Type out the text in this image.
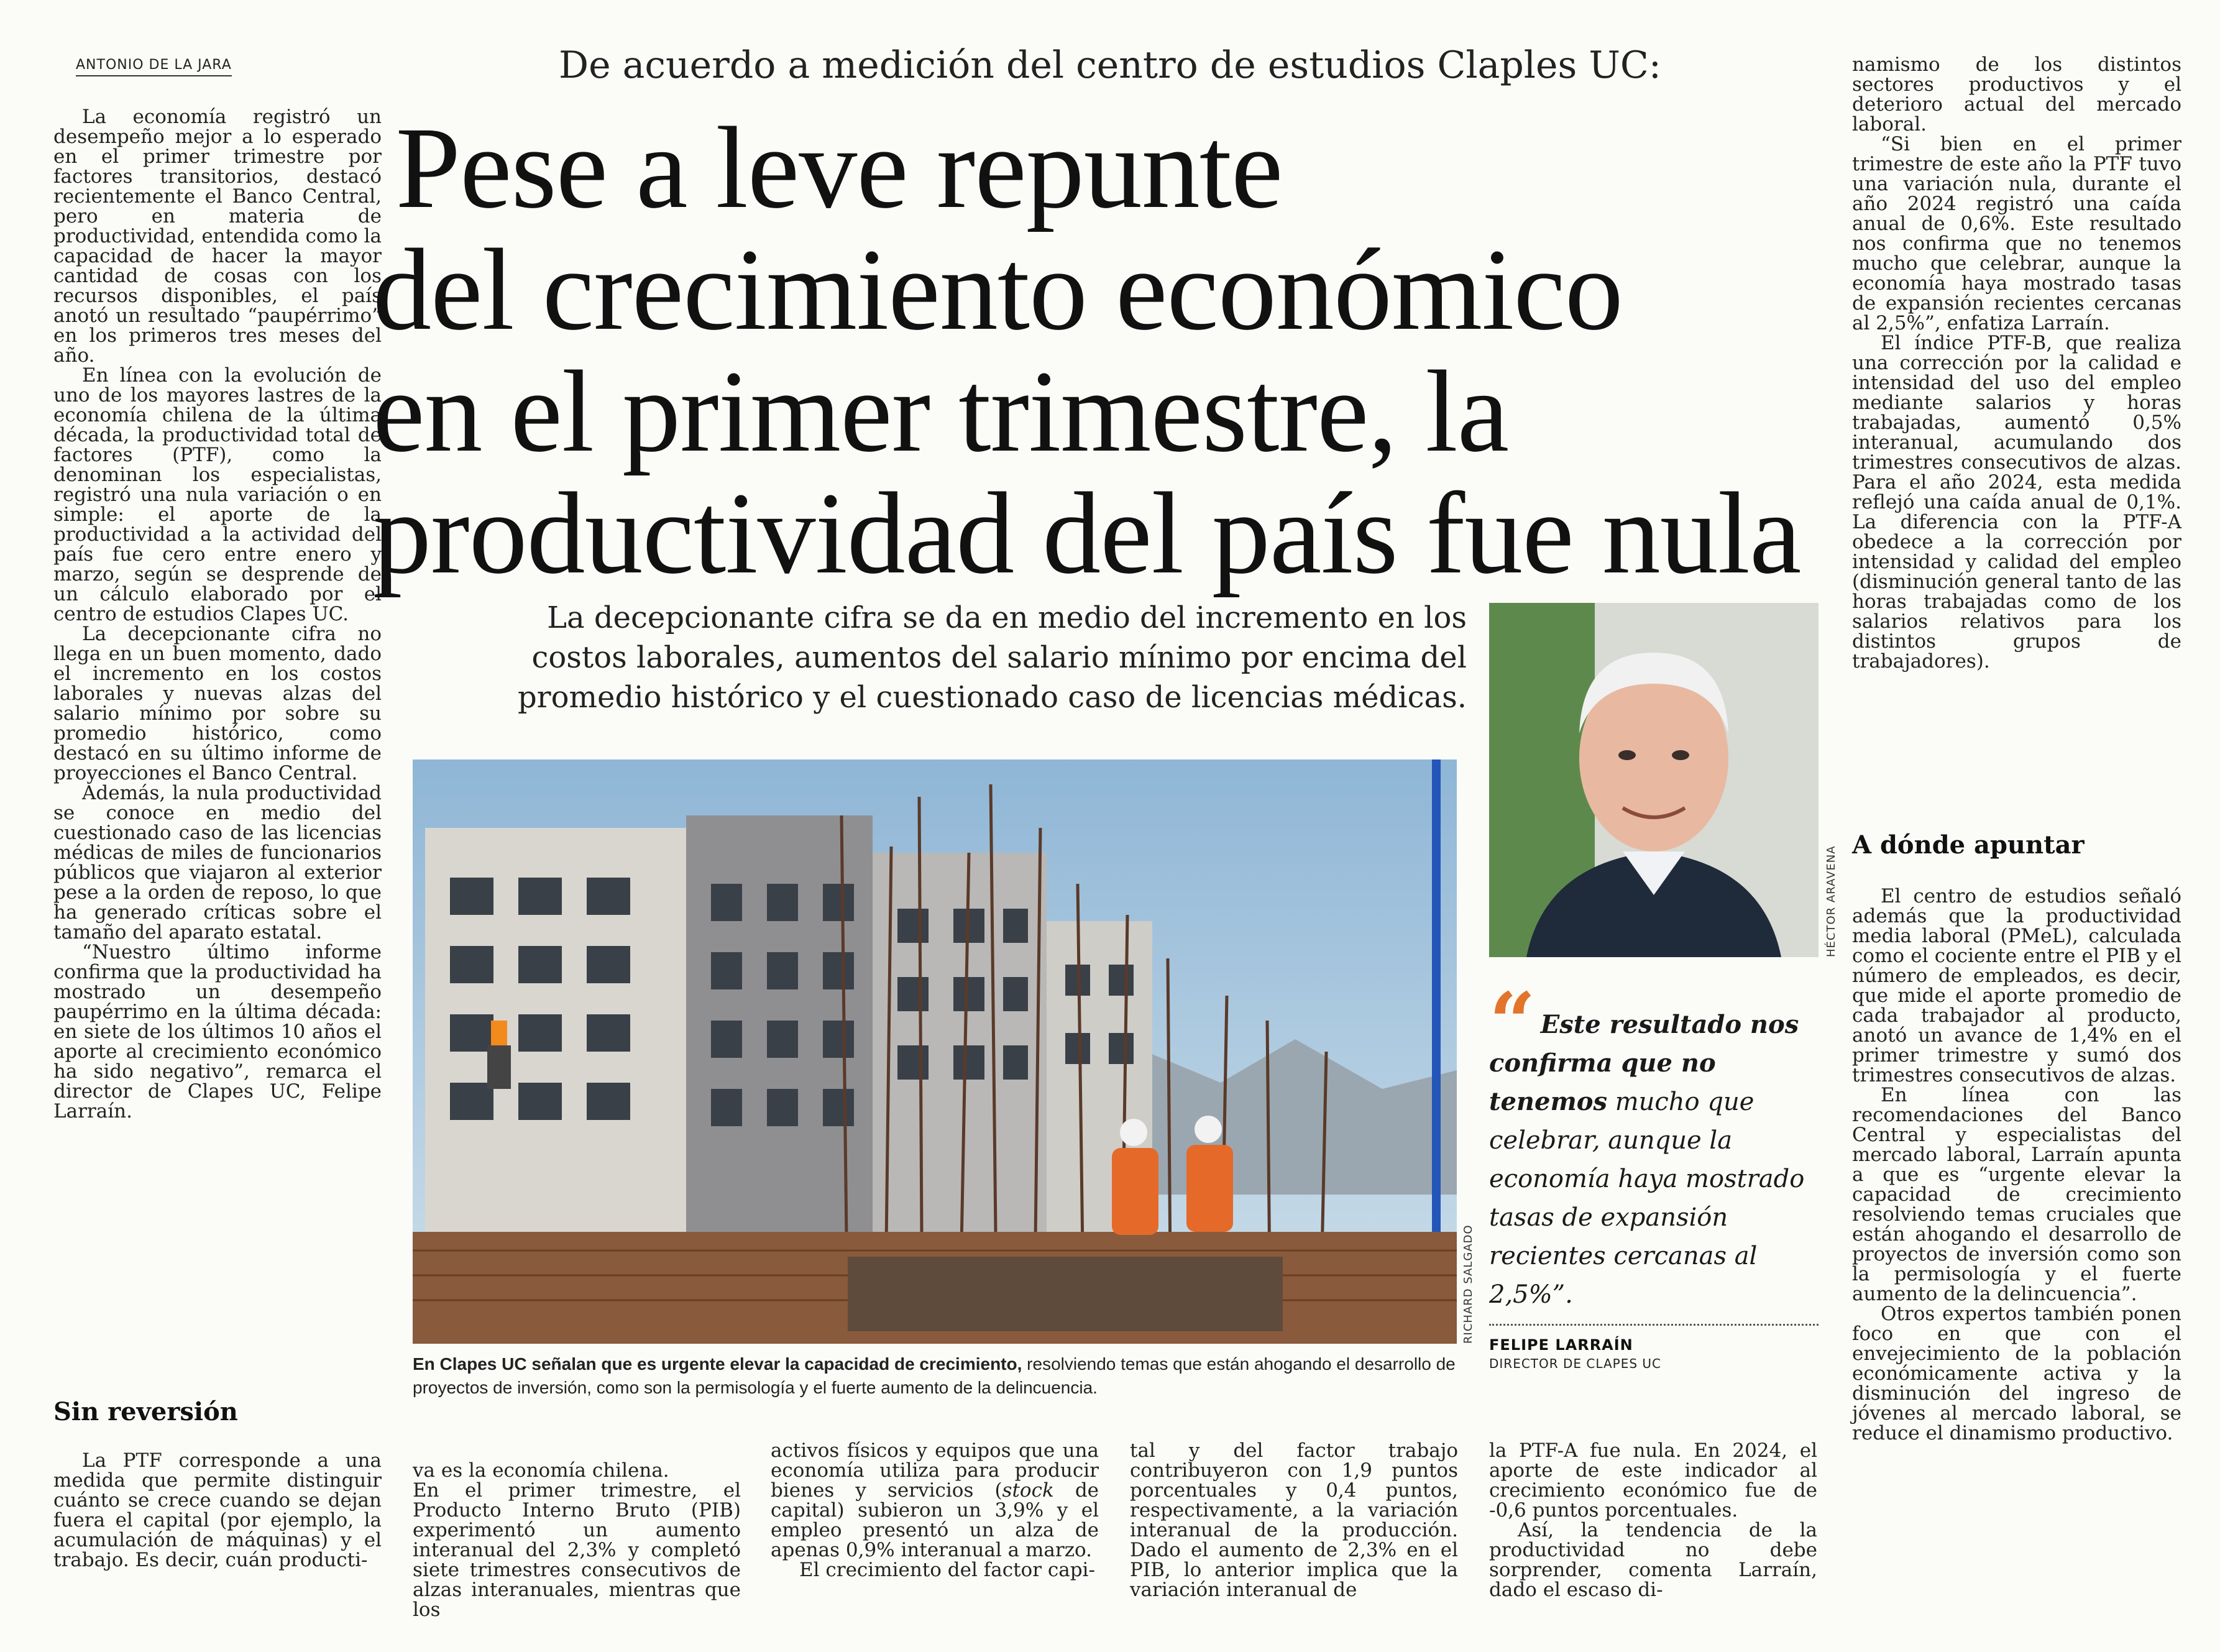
ANTONIO DE LA JARA

La economía registró un desempeño mejor a lo esperado en el primer trimestre por factores transitorios, destacó recientemente el Banco Central, pero en materia de productividad, entendida como la capacidad de hacer la mayor cantidad de cosas con los recursos disponibles, el país anotó un resultado “paupérrimo” en los primeros tres meses del año.

En línea con la evolución de uno de los mayores lastres de la economía chilena de la última década, la productividad total de factores (PTF), como la denominan los especialistas, registró una nula variación o en simple: el aporte de la productividad a la actividad del país fue cero entre enero y marzo, según se desprende de un cálculo elaborado por el centro de estudios Clapes UC.

La decepcionante cifra no llega en un buen momento, dado el incremento en los costos laborales y nuevas alzas del salario mínimo por sobre su promedio histórico, como destacó en su último informe de proyecciones el Banco Central.

Además, la nula productividad se conoce en medio del cuestionado caso de las licencias médicas de miles de funcionarios públicos que viajaron al exterior pese a la orden de reposo, lo que ha generado críticas sobre el tamaño del aparato estatal.

“Nuestro último informe confirma que la productividad ha mostrado un desempeño paupérrimo en la última década: en siete de los últimos 10 años el aporte al crecimiento económico ha sido negativo”, remarca el director de Clapes UC, Felipe Larraín.

Sin reversión

La PTF corresponde a una medida que permite distinguir cuánto se crece cuando se dejan fuera el capital (por ejemplo, la acumulación de máquinas) y el trabajo. Es decir, cuán producti-

De acuerdo a medición del centro de estudios Claples UC:
Pese a leve repunte
del crecimiento económico
en el primer trimestre, la
productividad del país fue nula
La decepcionante cifra se da en medio del incremento en los
costos laborales, aumentos del salario mínimo por encima del
promedio histórico y el cuestionado caso de licencias médicas.
RICHARD SALGADO
En Clapes UC señalan que es urgente elevar la capacidad de crecimiento, resolviendo temas que están ahogando el desarrollo de proyectos de inversión, como son la permisología y el fuerte aumento de la delincuencia.

va es la economía chilena.
En el primer trimestre, el Producto Interno Bruto (PIB) experimentó un aumento interanual del 2,3% y completó siete trimestres consecutivos de alzas interanuales, mientras que los

activos físicos y equipos que una economía utiliza para producir bienes y servicios (stock de capital) subieron un 3,9% y el empleo presentó un alza de apenas 0,9% interanual a marzo.

El crecimiento del factor capi-

tal y del factor trabajo contribuyeron con 1,9 puntos porcentuales y 0,4 puntos, respectivamente, a la variación interanual de la producción. Dado el aumento de 2,3% en el PIB, lo anterior implica que la variación interanual de

la PTF-A fue nula. En 2024, el aporte de este indicador al crecimiento económico fue de -0,6 puntos porcentuales.

Así, la tendencia de la productividad no debe sorprender, comenta Larraín, dado el escaso di-

HÉCTOR ARAVENA
“ Este resultado nos confirma que no tenemos mucho que celebrar, aunque la economía haya mostrado tasas de expansión recientes cercanas al 2,5%”.
FELIPE LARRAÍN
DIRECTOR DE CLAPES UC

namismo de los distintos sectores productivos y el deterioro actual del mercado laboral.

“Si bien en el primer trimestre de este año la PTF tuvo una variación nula, durante el año 2024 registró una caída anual de 0,6%. Este resultado nos confirma que no tenemos mucho que celebrar, aunque la economía haya mostrado tasas de expansión recientes cercanas al 2,5%”, enfatiza Larraín.

El índice PTF-B, que realiza una corrección por la calidad e intensidad del uso del empleo mediante salarios y horas trabajadas, aumentó 0,5% interanual, acumulando dos trimestres consecutivos de alzas. Para el año 2024, esta medida reflejó una caída anual de 0,1%. La diferencia con la PTF-A obedece a la corrección por intensidad y calidad del empleo (disminución general tanto de las horas trabajadas como de los salarios relativos para los distintos grupos de trabajadores).

A dónde apuntar

El centro de estudios señaló además que la productividad media laboral (PMeL), calculada como el cociente entre el PIB y el número de empleados, es decir, que mide el aporte promedio de cada trabajador al producto, anotó un avance de 1,4% en el primer trimestre y sumó dos trimestres consecutivos de alzas.

En línea con las recomendaciones del Banco Central y especialistas del mercado laboral, Larraín apunta a que es “urgente elevar la capacidad de crecimiento resolviendo temas cruciales que están ahogando el desarrollo de proyectos de inversión como son la permisología y el fuerte aumento de la delincuencia”.

Otros expertos también ponen foco en que con el envejecimiento de la población económicamente activa y la disminución del ingreso de jóvenes al mercado laboral, se reduce el dinamismo productivo.
